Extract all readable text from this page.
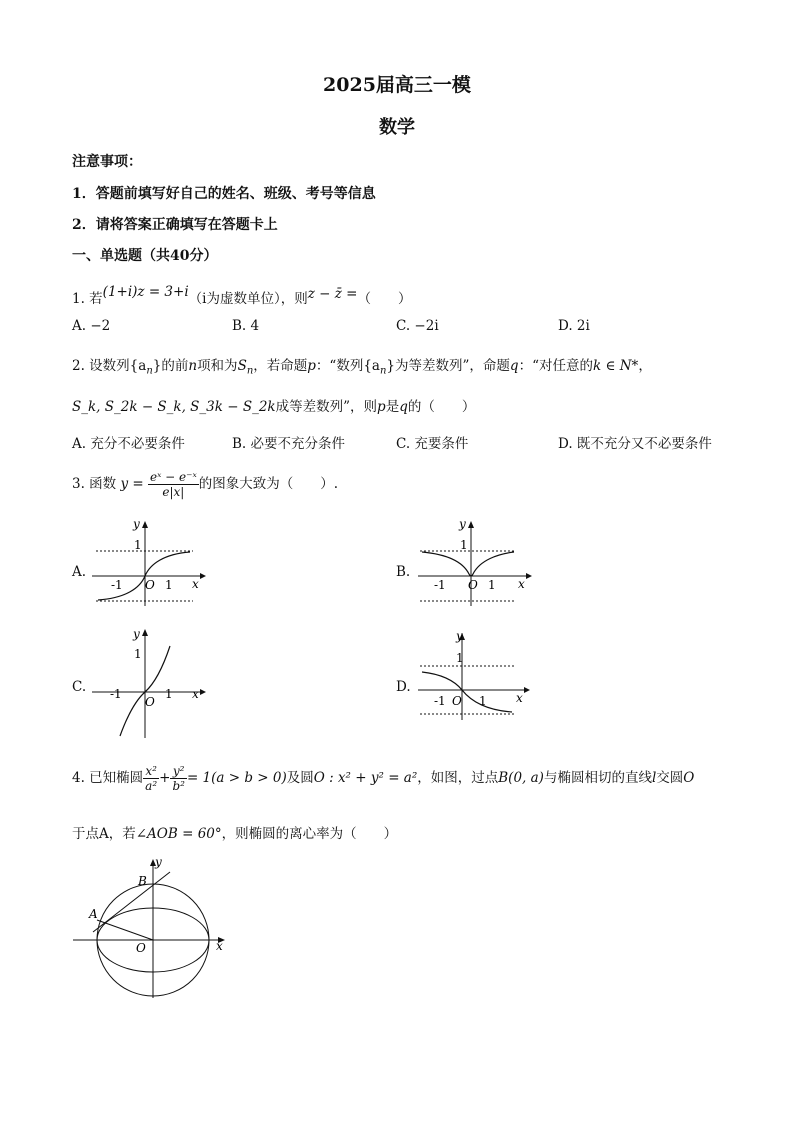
2025届高三一模
数学
注意事项：
1．答题前填写好自己的姓名、班级、考号等信息
2．请将答案正确填写在答题卡上
一、单选题（共40分）
1. 若(1+i)z = 3+i（i为虚数单位），则z − z̄ =（　　）
A. −2	B. 4	C. −2i	D. 2i
2. 设数列$\{a_n\}$的前n项和为$S_n$，若命题p：“数列$\{a_n\}$为等差数列”，命题q：“对任意的k ∈ N*，
S_k, S_2k − S_k, S_3k − S_2k成等差数列”，则p是q的（　　）
A. 充分不必要条件	B. 必要不充分条件	C. 充要条件	D. 既不充分又不必要条件
3. 函数 $y = \frac{\text{eˣ − e⁻ˣ}}{e|x|}$ 的图象大致为（　　）.
A.
y
1
-1 O 1 x
B.
y
1
-1 O 1 x
C.
y
1
-1
O
1 x	D.
y
1
-1 O 1 x
4. 已知椭圆 $\frac{\text{x²}}{\text{a²}} + \frac{\text{y²}}{\text{b²}} = 1(a > b > 0)$及圆O : x² + y² = a²，如图，过点B(0, a)与椭圆相切的直线l交圆O
于点A，若∠AOB = 60°，则椭圆的离心率为（　　）
y
B
A
O	x
